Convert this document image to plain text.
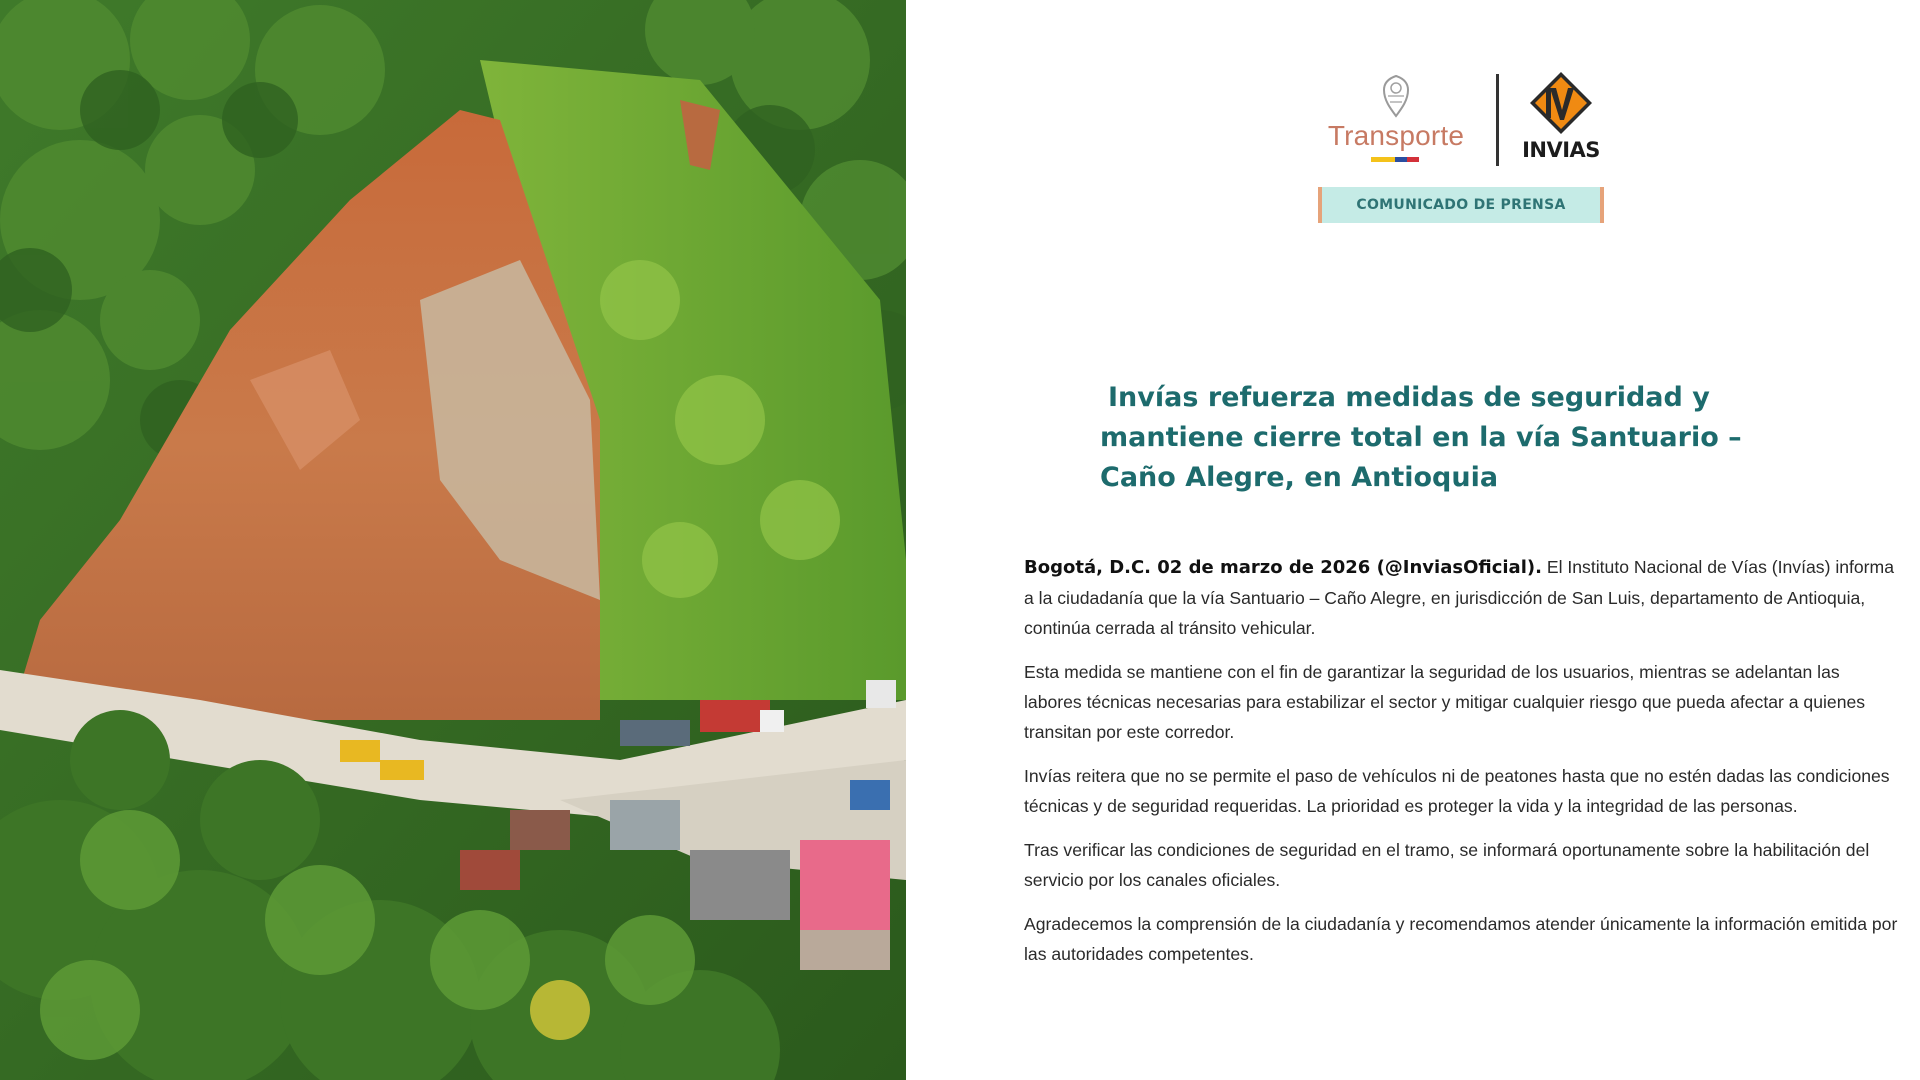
Transporte	INVIAS
COMUNICADO DE PRENSA
Invías refuerza medidas de seguridad y
mantiene cierre total en la vía Santuario –
Caño Alegre, en Antioquia

Bogotá, D.C. 02 de marzo de 2026 (@InviasOficial). El Instituto Nacional de Vías (Invías) informa a la ciudadanía que la vía Santuario – Caño Alegre, en jurisdicción de San Luis, departamento de Antioquia, continúa cerrada al tránsito vehicular.

Esta medida se mantiene con el fin de garantizar la seguridad de los usuarios, mientras se adelantan las labores técnicas necesarias para estabilizar el sector y mitigar cualquier riesgo que pueda afectar a quienes transitan por este corredor.

Invías reitera que no se permite el paso de vehículos ni de peatones hasta que no estén dadas las condiciones técnicas y de seguridad requeridas. La prioridad es proteger la vida y la integridad de las personas.

Tras verificar las condiciones de seguridad en el tramo, se informará oportunamente sobre la habilitación del servicio por los canales oficiales.

Agradecemos la comprensión de la ciudadanía y recomendamos atender únicamente la información emitida por las autoridades competentes.
